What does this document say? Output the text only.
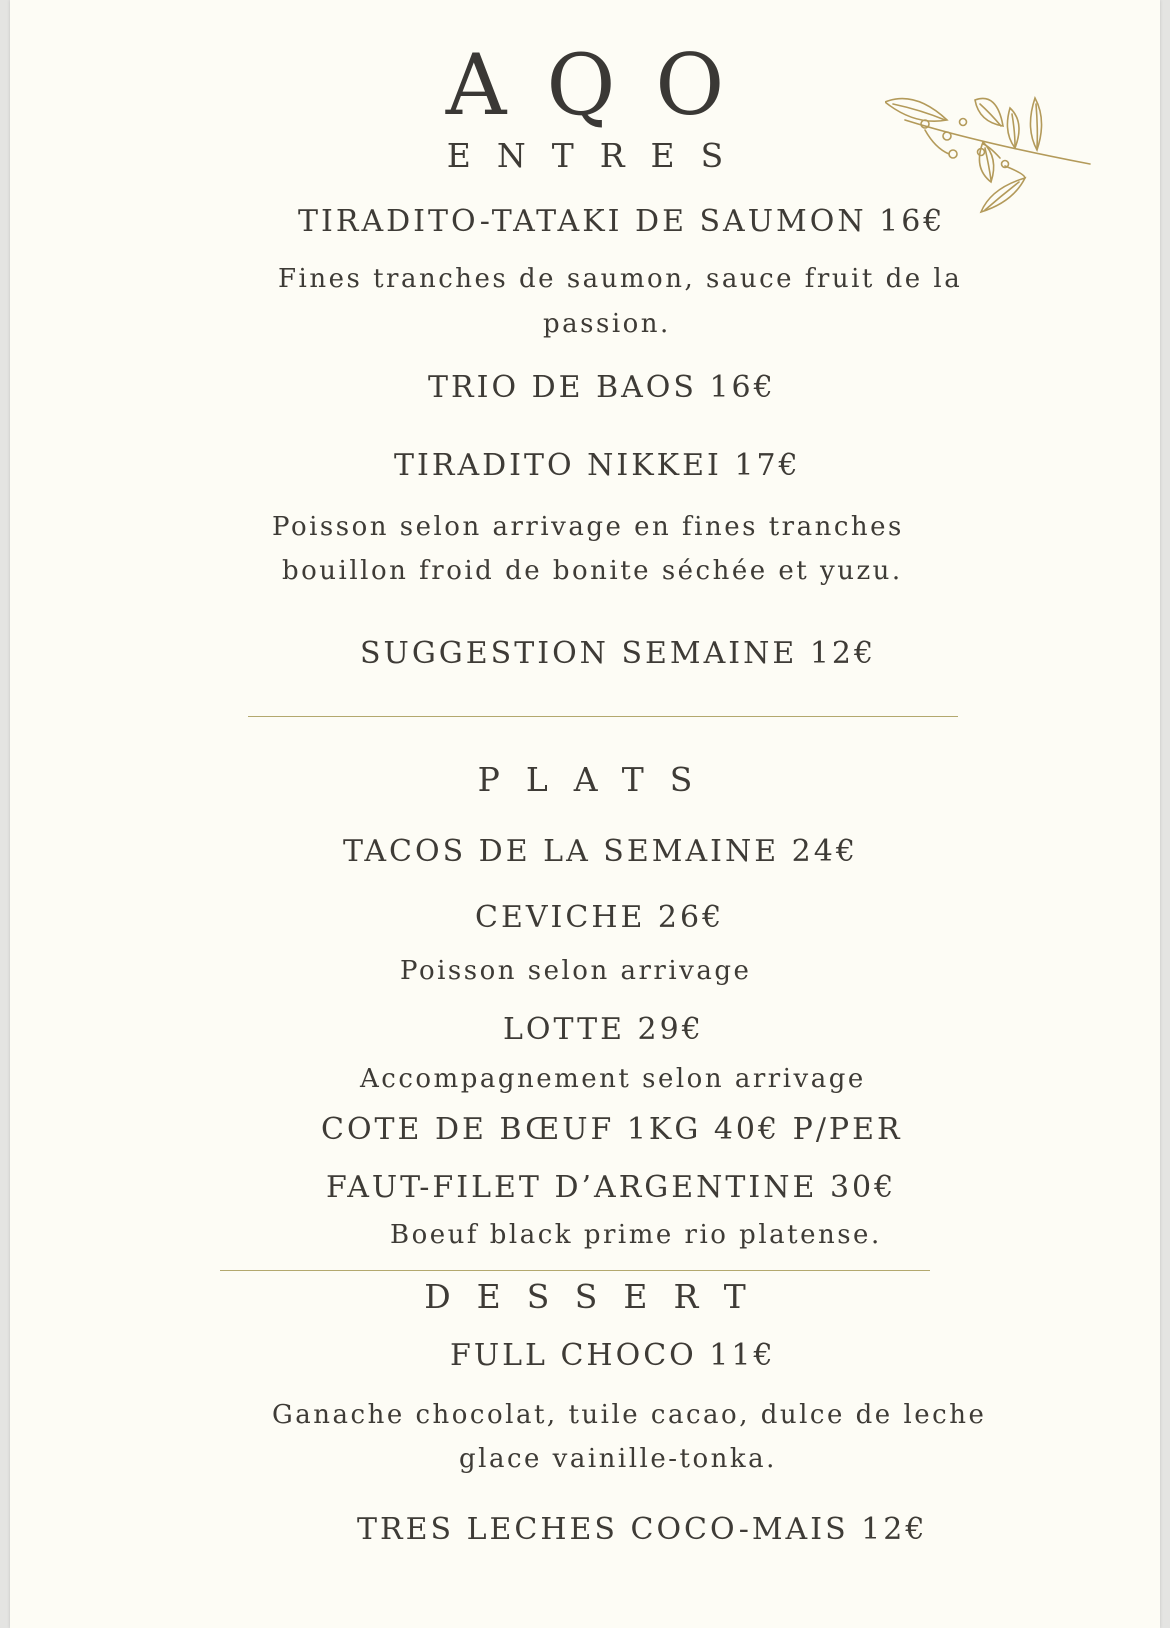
AQO
ENTRES
TIRADITO-TATAKI DE SAUMON 16€
Fines tranches de saumon, sauce fruit de la
passion.
TRIO DE BAOS 16€
TIRADITO NIKKEI 17€
Poisson selon arrivage en fines tranches
bouillon froid de bonite séchée et yuzu.
SUGGESTION SEMAINE 12€
PLATS
TACOS DE LA SEMAINE 24€
CEVICHE 26€
Poisson selon arrivage
LOTTE 29€
Accompagnement selon arrivage
COTE DE BŒUF 1KG 40€ P/PER
FAUT-FILET D’ARGENTINE 30€
Boeuf black prime rio platense.
DESSERT
FULL CHOCO 11€
Ganache chocolat, tuile cacao, dulce de leche
glace vainille-tonka.
TRES LECHES COCO-MAIS 12€
